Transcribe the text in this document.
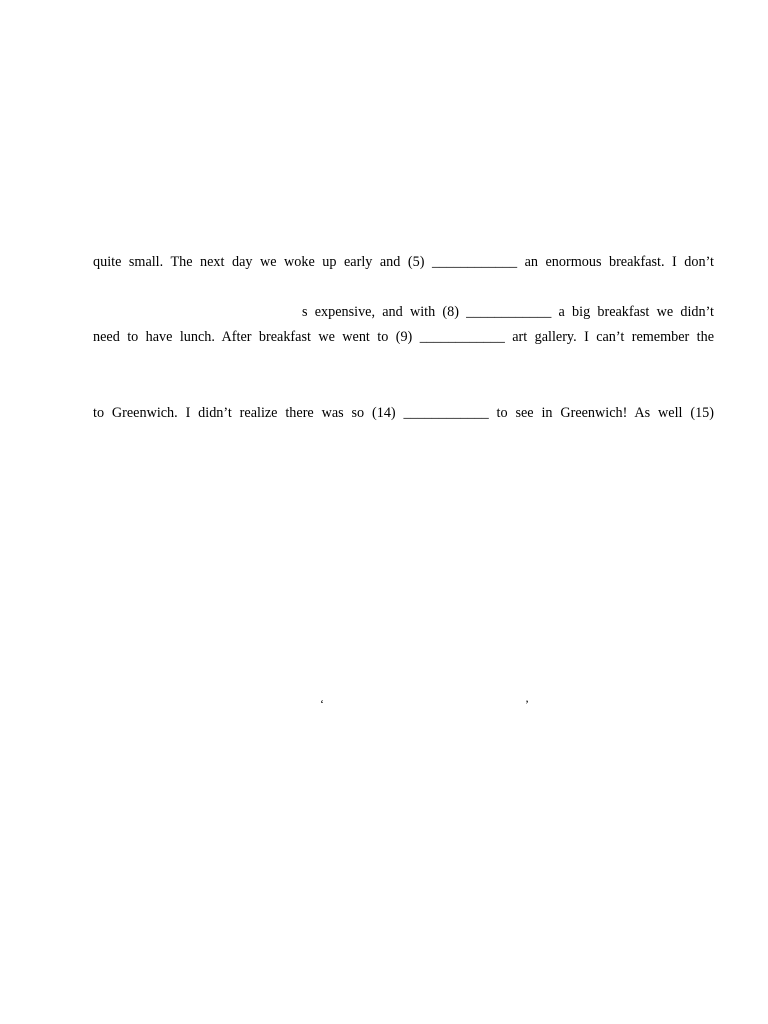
quite small. The next day we woke up early and (5) ____________ an enormous breakfast. I don’t
s expensive, and with (8) ____________ a big breakfast we didn’t
need to have lunch. After breakfast we went to (9) ____________ art gallery. I can’t remember the
to Greenwich. I didn’t realize there was so (14) ____________ to see in Greenwich! As well (15)
‘	’
